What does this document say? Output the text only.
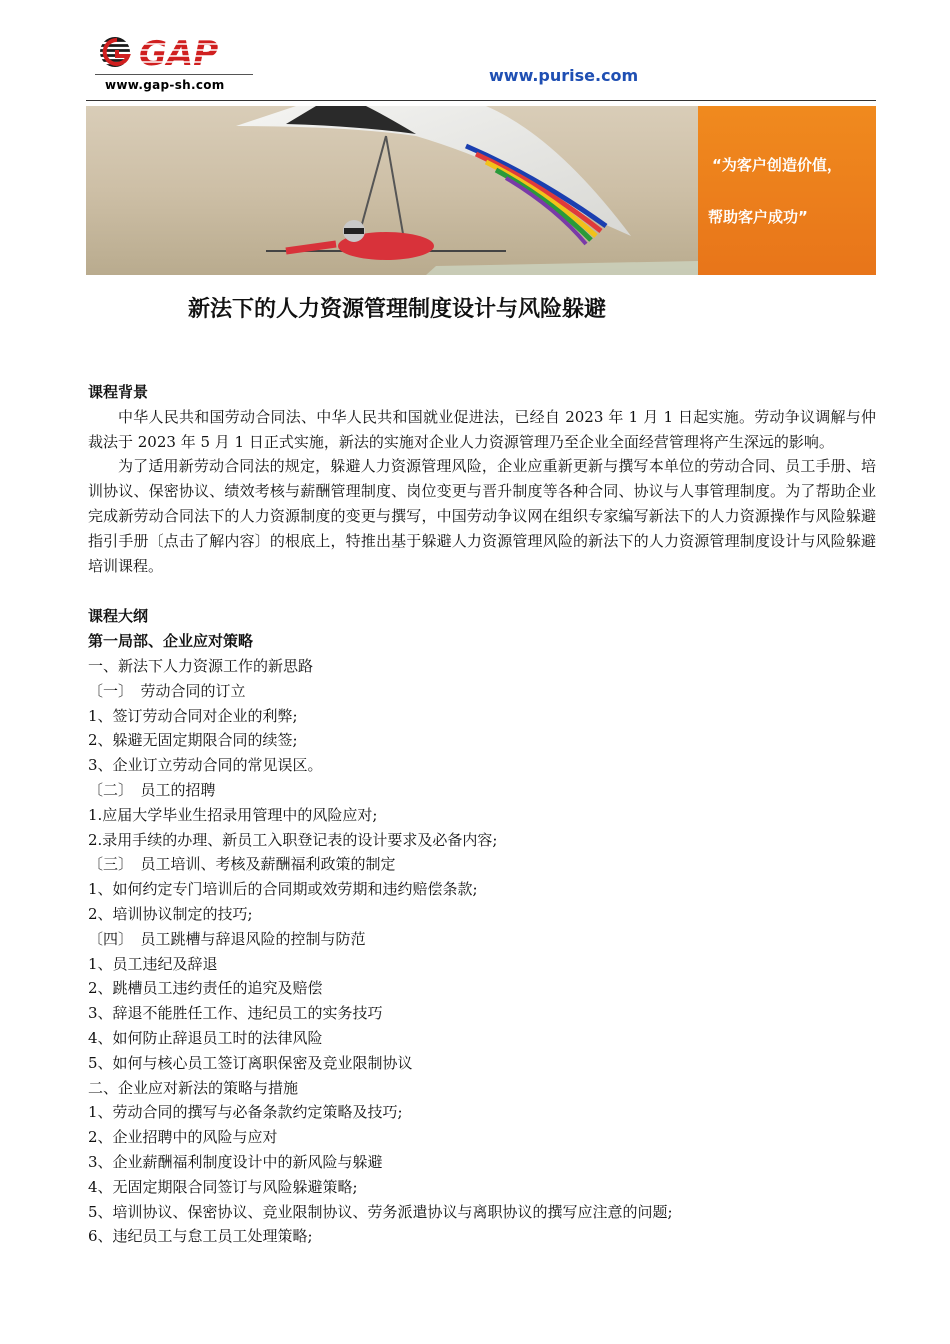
GAP
www.gap-sh.com	www.purise.com
“为客户创造价值，
帮助客户成功”
新法下的人力资源管理制度设计与风险躲避

课程背景

中华人民共和国劳动合同法、中华人民共和国就业促进法，已经自 2023 年 1 月 1 日起实施。劳动争议调解与仲裁法于 2023 年 5 月 1 日正式实施，新法的实施对企业人力资源管理乃至企业全面经营管理将产生深远的影响。

为了适用新劳动合同法的规定，躲避人力资源管理风险，企业应重新更新与撰写本单位的劳动合同、员工手册、培训协议、保密协议、绩效考核与薪酬管理制度、岗位变更与晋升制度等各种合同、协议与人事管理制度。为了帮助企业完成新劳动合同法下的人力资源制度的变更与撰写，中国劳动争议网在组织专家编写新法下的人力资源操作与风险躲避指引手册〔点击了解内容〕的根底上，特推出基于躲避人力资源管理风险的新法下的人力资源管理制度设计与风险躲避培训课程。

课程大纲

第一局部、企业应对策略

一、新法下人力资源工作的新思路

〔一〕　劳动合同的订立

1、签订劳动合同对企业的利弊;

2、躲避无固定期限合同的续签;

3、企业订立劳动合同的常见误区。

〔二〕　员工的招聘

1.应届大学毕业生招录用管理中的风险应对;

2.录用手续的办理、新员工入职登记表的设计要求及必备内容;

〔三〕　员工培训、考核及薪酬福利政策的制定

1、如何约定专门培训后的合同期或效劳期和违约赔偿条款;

2、培训协议制定的技巧;

〔四〕　员工跳槽与辞退风险的控制与防范

1、员工违纪及辞退

2、跳槽员工违约责任的追究及赔偿

3、辞退不能胜任工作、违纪员工的实务技巧

4、如何防止辞退员工时的法律风险

5、如何与核心员工签订离职保密及竞业限制协议

二、企业应对新法的策略与措施

1、劳动合同的撰写与必备条款约定策略及技巧;

2、企业招聘中的风险与应对

3、企业薪酬福利制度设计中的新风险与躲避

4、无固定期限合同签订与风险躲避策略;

5、培训协议、保密协议、竞业限制协议、劳务派遣协议与离职协议的撰写应注意的问题;

6、违纪员工与怠工员工处理策略;
